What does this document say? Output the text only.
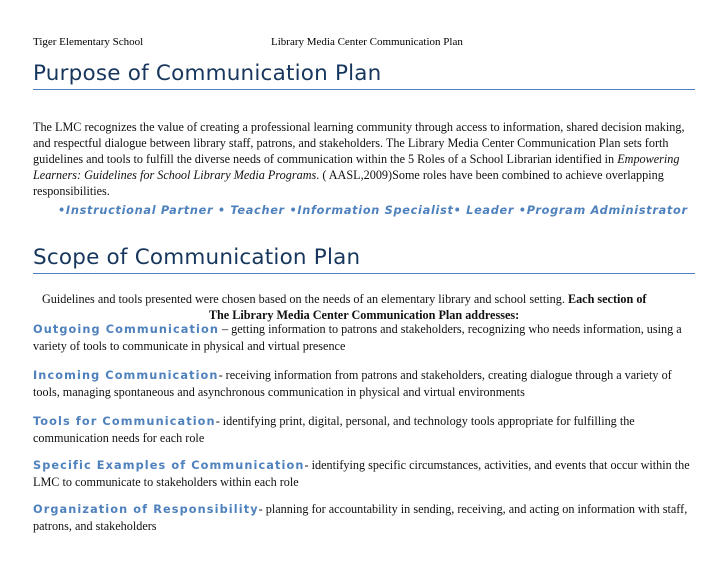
Tiger Elementary School	Library Media Center Communication Plan
Purpose of Communication Plan
The LMC recognizes the value of creating a professional learning community through access to information, shared decision making, and respectful dialogue between library staff, patrons, and stakeholders. The Library Media Center Communication Plan sets forth guidelines and tools to fulfill the diverse needs of communication within the 5 Roles of a School Librarian identified in Empowering Learners: Guidelines for School Library Media Programs. ( AASL,2009)Some roles have been combined to achieve overlapping responsibilities.
•Instructional Partner • Teacher •Information Specialist• Leader •Program Administrator
Scope of Communication Plan
Guidelines and tools presented were chosen based on the needs of an elementary library and school setting. Each section of
The Library Media Center Communication Plan addresses:
Outgoing Communication – getting information to patrons and stakeholders, recognizing who needs information, using a variety of tools to communicate in physical and virtual presence
Incoming Communication- receiving information from patrons and stakeholders, creating dialogue through a variety of tools, managing spontaneous and asynchronous communication in physical and virtual environments
Tools for Communication- identifying print, digital, personal, and technology tools appropriate for fulfilling the communication needs for each role
Specific Examples of Communication- identifying specific circumstances, activities, and events that occur within the LMC to communicate to stakeholders within each role
Organization of Responsibility- planning for accountability in sending, receiving, and acting on information with staff, patrons, and stakeholders
